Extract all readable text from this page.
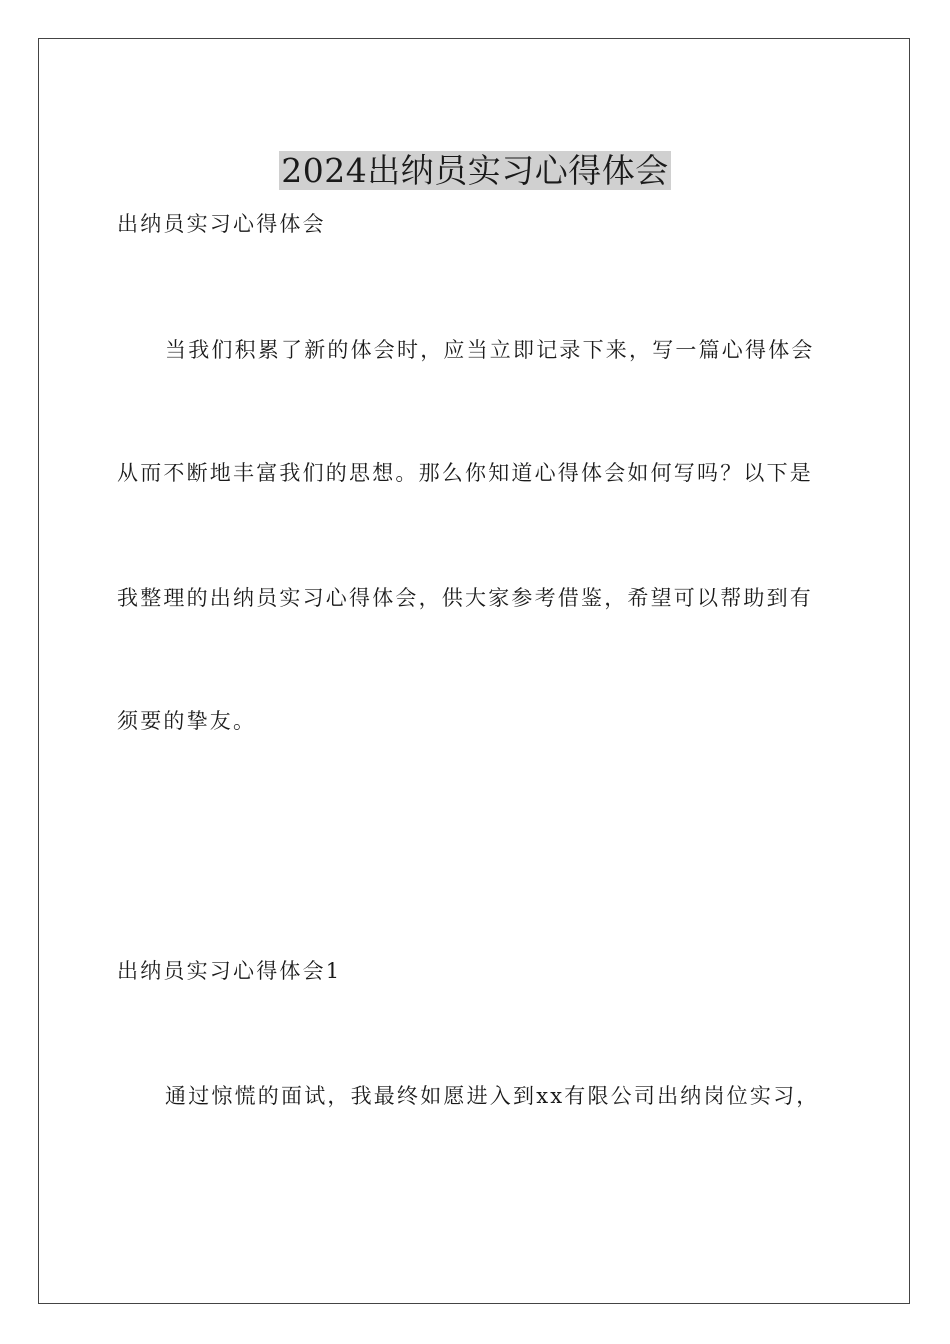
2024出纳员实习心得体会
出纳员实习心得体会
当我们积累了新的体会时，应当立即记录下来，写一篇心得体会
从而不断地丰富我们的思想。那么你知道心得体会如何写吗？以下是
我整理的出纳员实习心得体会，供大家参考借鉴，希望可以帮助到有
须要的挚友。
出纳员实习心得体会1
通过惊慌的面试，我最终如愿进入到xx有限公司出纳岗位实习，
